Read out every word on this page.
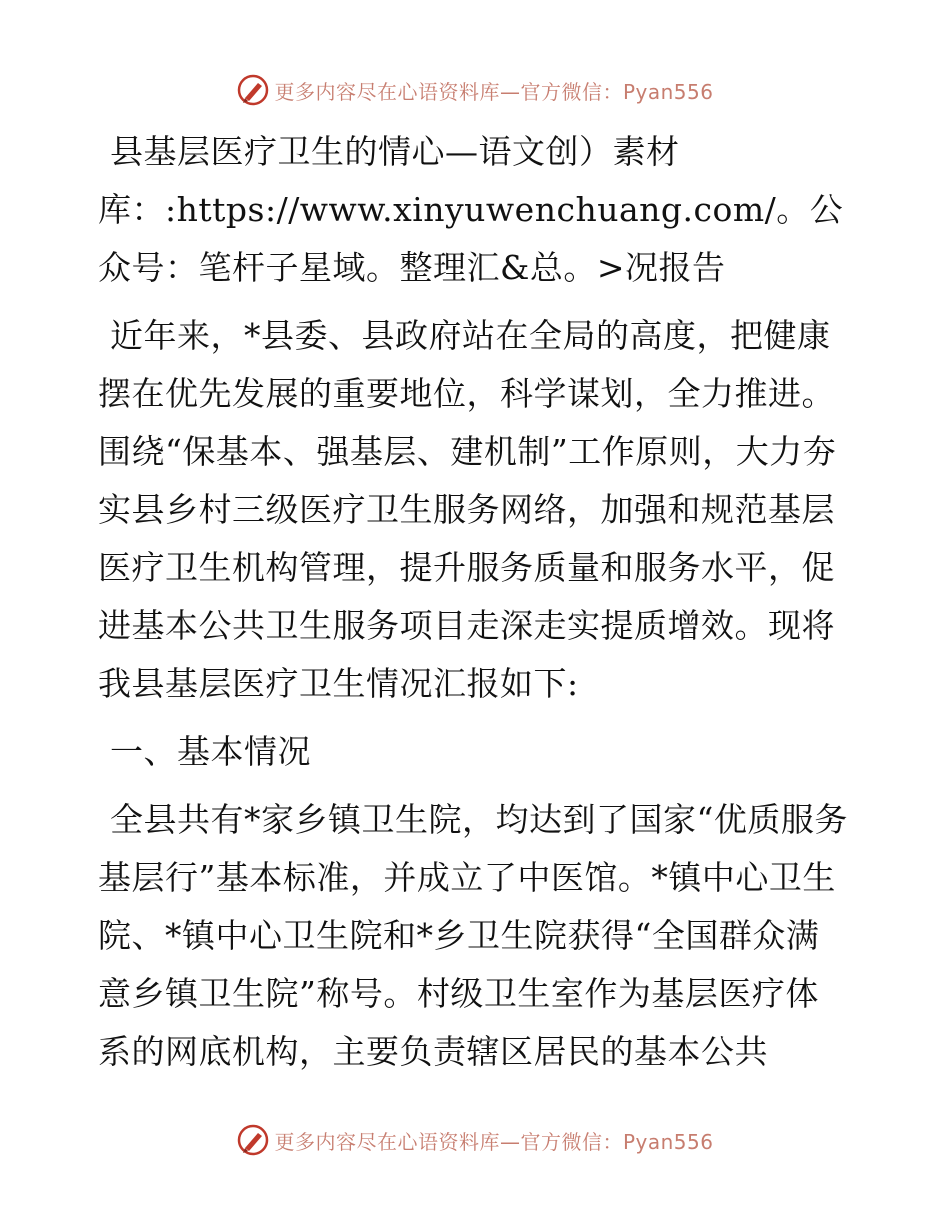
更多内容尽在心语资料库—官方微信：Pyan556

县基层医疗卫生的情心—语文创）素材库：:https://www.xinyuwenchuang.com/。公众号：笔杆子星域。整理汇&总。>况报告

近年来，*县委、县政府站在全局的高度，把健康摆在优先发展的重要地位，科学谋划，全力推进。围绕“保基本、强基层、建机制”工作原则，大力夯实县乡村三级医疗卫生服务网络，加强和规范基层医疗卫生机构管理，提升服务质量和服务水平，促进基本公共卫生服务项目走深走实提质增效。现将我县基层医疗卫生情况汇报如下:

一、基本情况

全县共有*家乡镇卫生院，均达到了国家“优质服务基层行”基本标准，并成立了中医馆。*镇中心卫生院、*镇中心卫生院和*乡卫生院获得“全国群众满意乡镇卫生院”称号。村级卫生室作为基层医疗体系的网底机构，主要负责辖区居民的基本公共

更多内容尽在心语资料库—官方微信：Pyan556
